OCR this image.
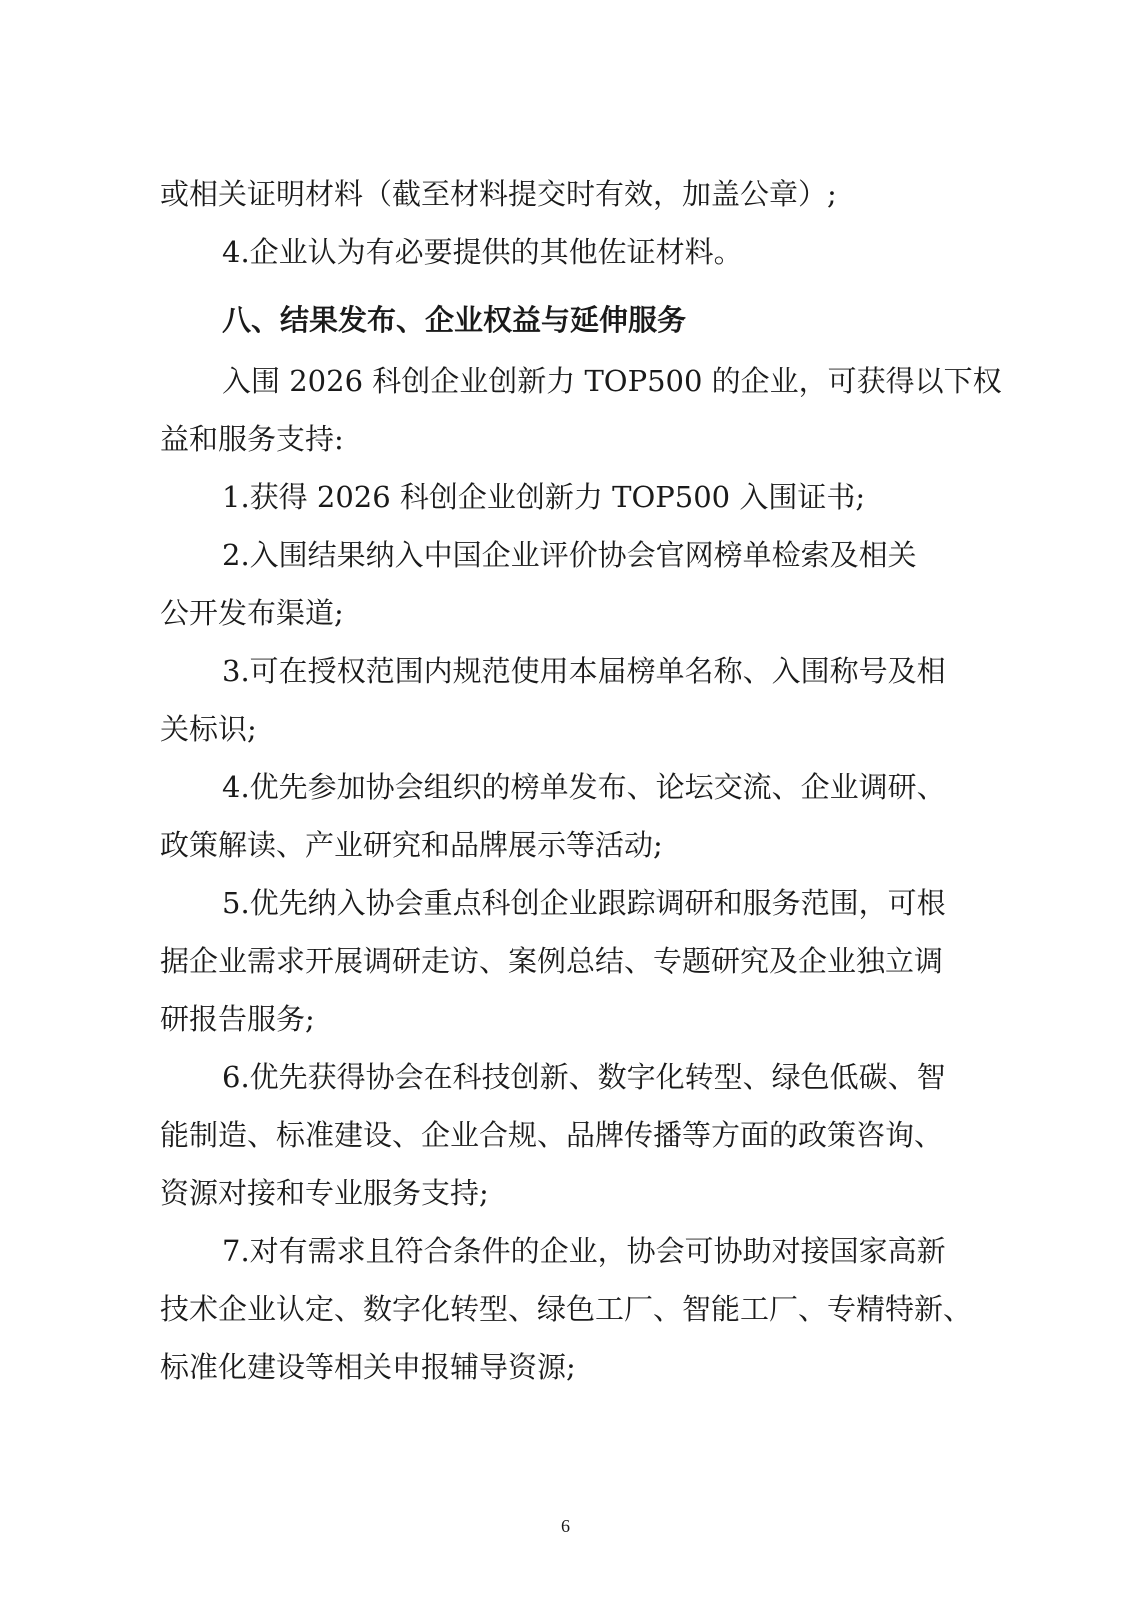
或相关证明材料（截至材料提交时有效，加盖公章）;
4.企业认为有必要提供的其他佐证材料。
八、结果发布、企业权益与延伸服务
入围 2026 科创企业创新力 TOP500 的企业，可获得以下权
益和服务支持:
1.获得 2026 科创企业创新力 TOP500 入围证书;
2.入围结果纳入中国企业评价协会官网榜单检索及相关
公开发布渠道;
3.可在授权范围内规范使用本届榜单名称、入围称号及相
关标识;
4.优先参加协会组织的榜单发布、论坛交流、企业调研、
政策解读、产业研究和品牌展示等活动;
5.优先纳入协会重点科创企业跟踪调研和服务范围，可根
据企业需求开展调研走访、案例总结、专题研究及企业独立调
研报告服务;
6.优先获得协会在科技创新、数字化转型、绿色低碳、智
能制造、标准建设、企业合规、品牌传播等方面的政策咨询、
资源对接和专业服务支持;
7.对有需求且符合条件的企业，协会可协助对接国家高新
技术企业认定、数字化转型、绿色工厂、智能工厂、专精特新、
标准化建设等相关申报辅导资源;
6
